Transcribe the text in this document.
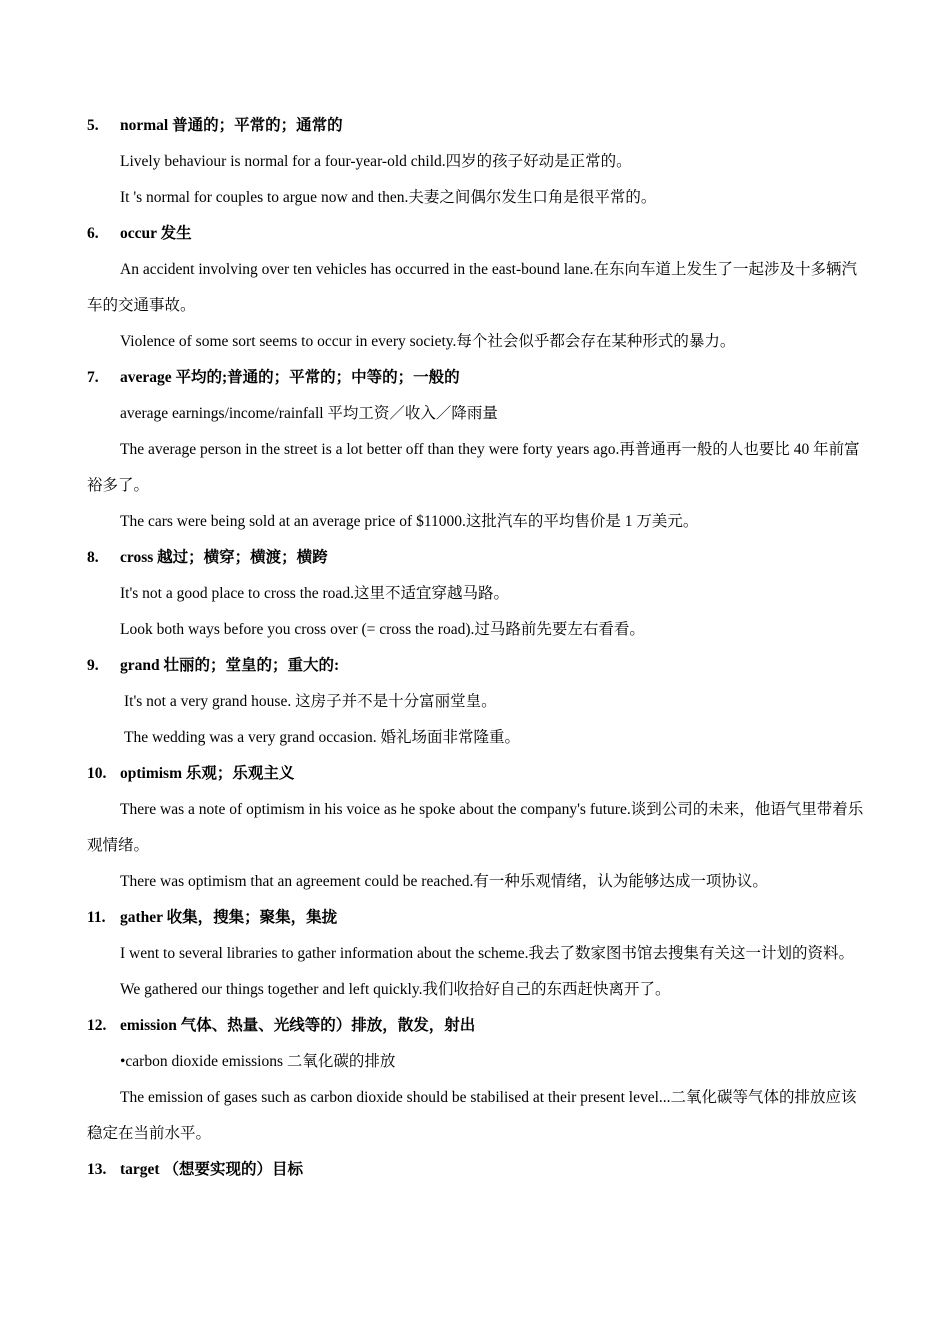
5.	normal 普通的；平常的；通常的

Lively behaviour is normal for a four-year-old child.四岁的孩子好动是正常的。

It 's normal for couples to argue now and then.夫妻之间偶尔发生口角是很平常的。

6.	occur 发生

An accident involving over ten vehicles has occurred in the east-bound lane.在东向车道上发生了一起涉及十多辆汽车的交通事故。

Violence of some sort seems to occur in every society.每个社会似乎都会存在某种形式的暴力。

7.	average 平均的;普通的；平常的；中等的；一般的

average earnings/income/rainfall 平均工资／收入／降雨量

The average person in the street is a lot better off than they were forty years ago.再普通再一般的人也要比 40 年前富裕多了。

The cars were being sold at an average price of $11000.这批汽车的平均售价是 1 万美元。

8.	cross 越过；横穿；横渡；横跨

It's not a good place to cross the road.这里不适宜穿越马路。

Look both ways before you cross over (= cross the road).过马路前先要左右看看。

9.	grand 壮丽的；堂皇的；重大的:

It's not a very grand house. 这房子并不是十分富丽堂皇。

The wedding was a very grand occasion. 婚礼场面非常隆重。

10. optimism 乐观；乐观主义

There was a note of optimism in his voice as he spoke about the company's future.谈到公司的未来，他语气里带着乐观情绪。

There was optimism that an agreement could be reached.有一种乐观情绪，认为能够达成一项协议。

11. gather 收集，搜集；聚集，集拢

I went to several libraries to gather information about the scheme.我去了数家图书馆去搜集有关这一计划的资料。

We gathered our things together and left quickly.我们收拾好自己的东西赶快离开了。

12. emission 气体、热量、光线等的）排放，散发，射出

•carbon dioxide emissions 二氧化碳的排放

The emission of gases such as carbon dioxide should be stabilised at their present level...二氧化碳等气体的排放应该稳定在当前水平。

13. target （想要实现的）目标
